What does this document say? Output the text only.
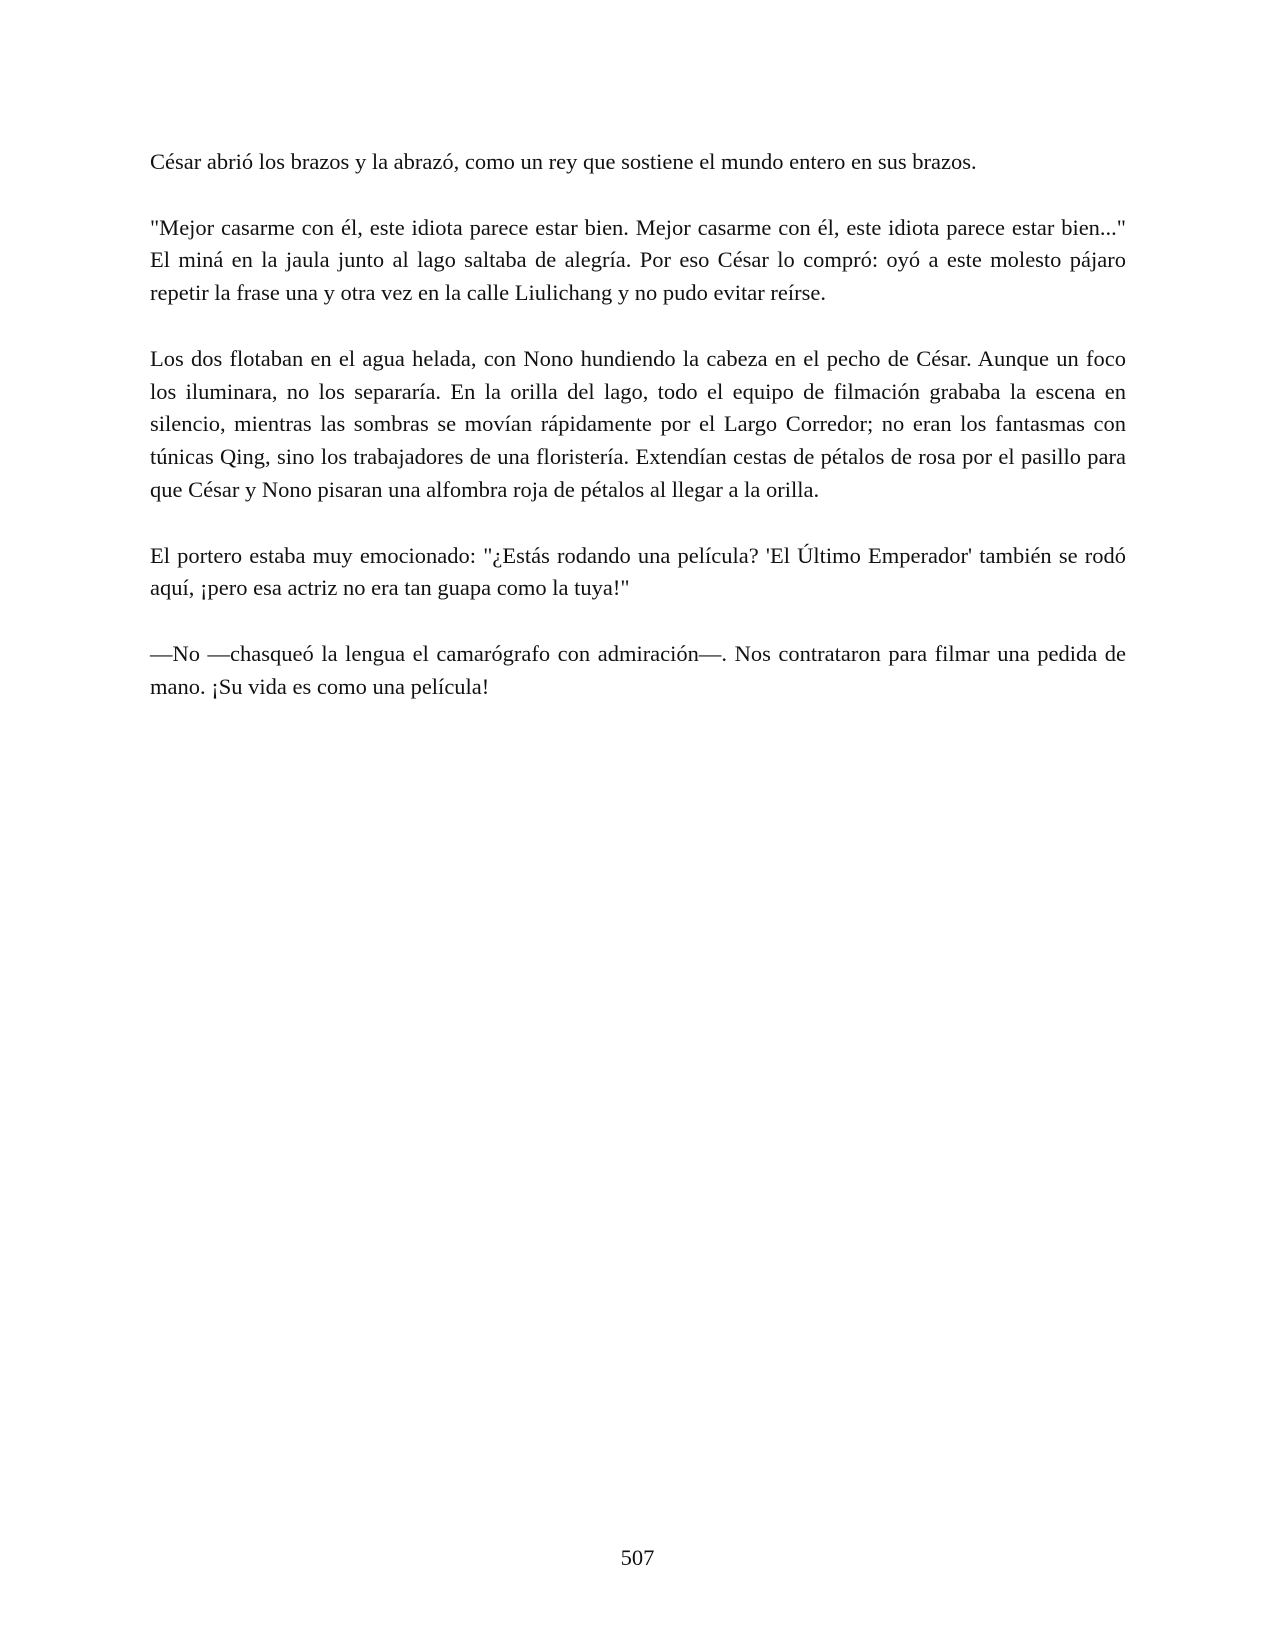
César abrió los brazos y la abrazó, como un rey que sostiene el mundo entero en sus brazos.

"Mejor casarme con él, este idiota parece estar bien. Mejor casarme con él, este idiota parece estar bien..." El miná en la jaula junto al lago saltaba de alegría. Por eso César lo compró: oyó a este molesto pájaro repetir la frase una y otra vez en la calle Liulichang y no pudo evitar reírse.

Los dos flotaban en el agua helada, con Nono hundiendo la cabeza en el pecho de César. Aunque un foco los iluminara, no los separaría. En la orilla del lago, todo el equipo de filmación grababa la escena en silencio, mientras las sombras se movían rápidamente por el Largo Corredor; no eran los fantasmas con túnicas Qing, sino los trabajadores de una floristería. Extendían cestas de pétalos de rosa por el pasillo para que César y Nono pisaran una alfombra roja de pétalos al llegar a la orilla.

El portero estaba muy emocionado: "¿Estás rodando una película? 'El Último Emperador' también se rodó aquí, ¡pero esa actriz no era tan guapa como la tuya!"

—No —chasqueó la lengua el camarógrafo con admiración—. Nos contrataron para filmar una pedida de mano. ¡Su vida es como una película!

507
